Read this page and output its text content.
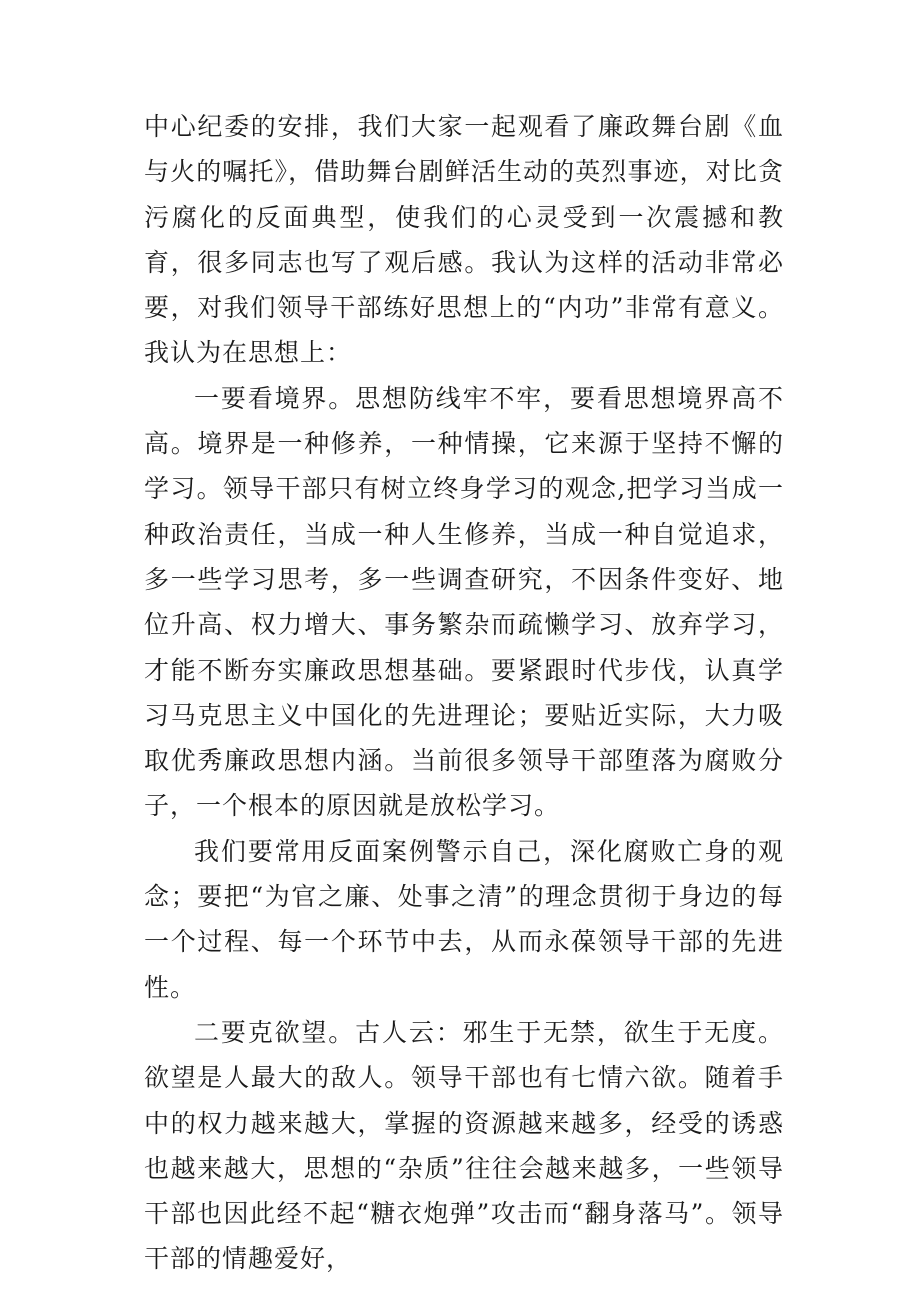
中心纪委的安排，我们大家一起观看了廉政舞台剧《血与火的嘱托》，借助舞台剧鲜活生动的英烈事迹，对比贪污腐化的反面典型，使我们的心灵受到一次震撼和教育，很多同志也写了观后感。我认为这样的活动非常必要，对我们领导干部练好思想上的“内功”非常有意义。我认为在思想上：

一要看境界。思想防线牢不牢，要看思想境界高不高。境界是一种修养，一种情操，它来源于坚持不懈的学习。领导干部只有树立终身学习的观念,把学习当成一种政治责任，当成一种人生修养，当成一种自觉追求，多一些学习思考，多一些调查研究，不因条件变好、地位升高、权力增大、事务繁杂而疏懒学习、放弃学习，才能不断夯实廉政思想基础。要紧跟时代步伐，认真学习马克思主义中国化的先进理论；要贴近实际，大力吸取优秀廉政思想内涵。当前很多领导干部堕落为腐败分子，一个根本的原因就是放松学习。

我们要常用反面案例警示自己，深化腐败亡身的观念；要把“为官之廉、处事之清”的理念贯彻于身边的每一个过程、每一个环节中去，从而永葆领导干部的先进性。

二要克欲望。古人云：邪生于无禁，欲生于无度。欲望是人最大的敌人。领导干部也有七情六欲。随着手中的权力越来越大，掌握的资源越来越多，经受的诱惑也越来越大，思想的“杂质”往往会越来越多，一些领导干部也因此经不起“糖衣炮弹”攻击而“翻身落马”。领导干部的情趣爱好，
